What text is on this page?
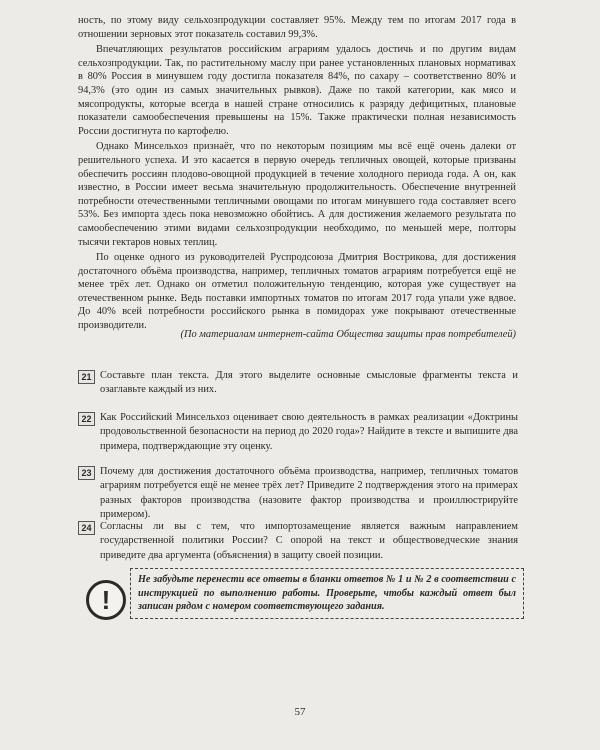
ность, по этому виду сельхозпродукции составляет 95%. Между тем по итогам 2017 года в отношении зерновых этот показатель составил 99,3%.

Впечатляющих результатов российским аграриям удалось достичь и по другим видам сельхозпродукции. Так, по растительному маслу при ранее установленных плановых нормативах в 80% Россия в минувшем году достигла показателя 84%, по сахару – соответственно 80% и 94,3% (это один из самых значительных рывков). Даже по такой категории, как мясо и мясопродукты, которые всегда в нашей стране относились к разряду дефицитных, плановые показатели самообеспечения превышены на 15%. Также практически полная независимость России достигнута по картофелю.

Однако Минсельхоз признаёт, что по некоторым позициям мы всё ещё очень далеки от решительного успеха. И это касается в первую очередь тепличных овощей, которые призваны обеспечить россиян плодово-овощной продукцией в течение холодного периода года. А он, как известно, в России имеет весьма значительную продолжительность. Обеспечение внутренней потребности отечественными тепличными овощами по итогам минувшего года составляет всего 53%. Без импорта здесь пока невозможно обойтись. А для достижения желаемого результата по самообеспечению этими видами сельхозпродукции необходимо, по меньшей мере, полторы тысячи гектаров новых теплиц.

По оценке одного из руководителей Руспродсоюза Дмитрия Вострикова, для достижения достаточного объёма производства, например, тепличных томатов аграриям потребуется ещё не менее трёх лет. Однако он отметил положительную тенденцию, которая уже существует на отечественном рынке. Ведь поставки импортных томатов по итогам 2017 года упали уже вдвое. До 40% всей потребности российского рынка в помидорах уже покрывают отечественные производители.

(По материалам интернет-сайта Общества защиты прав потребителей)
21 Составьте план текста. Для этого выделите основные смысловые фрагменты текста и озаглавьте каждый из них.
22 Как Российский Минсельхоз оценивает свою деятельность в рамках реализации «Доктрины продовольственной безопасности на период до 2020 года»? Найдите в тексте и выпишите два примера, подтверждающие эту оценку.
23 Почему для достижения достаточного объёма производства, например, тепличных томатов аграриям потребуется ещё не менее трёх лет? Приведите 2 подтверждения этого на примерах разных факторов производства (назовите фактор производства и проиллюстрируйте примером).
24 Согласны ли вы с тем, что импортозамещение является важным направлением государственной политики России? С опорой на текст и обществоведческие знания приведите два аргумента (объяснения) в защиту своей позиции.
!
Не забудьте перенести все ответы в бланки ответов № 1 и № 2 в соответствии с инструкцией по выполнению работы. Проверьте, чтобы каждый ответ был записан рядом с номером соответствующего задания.
57
